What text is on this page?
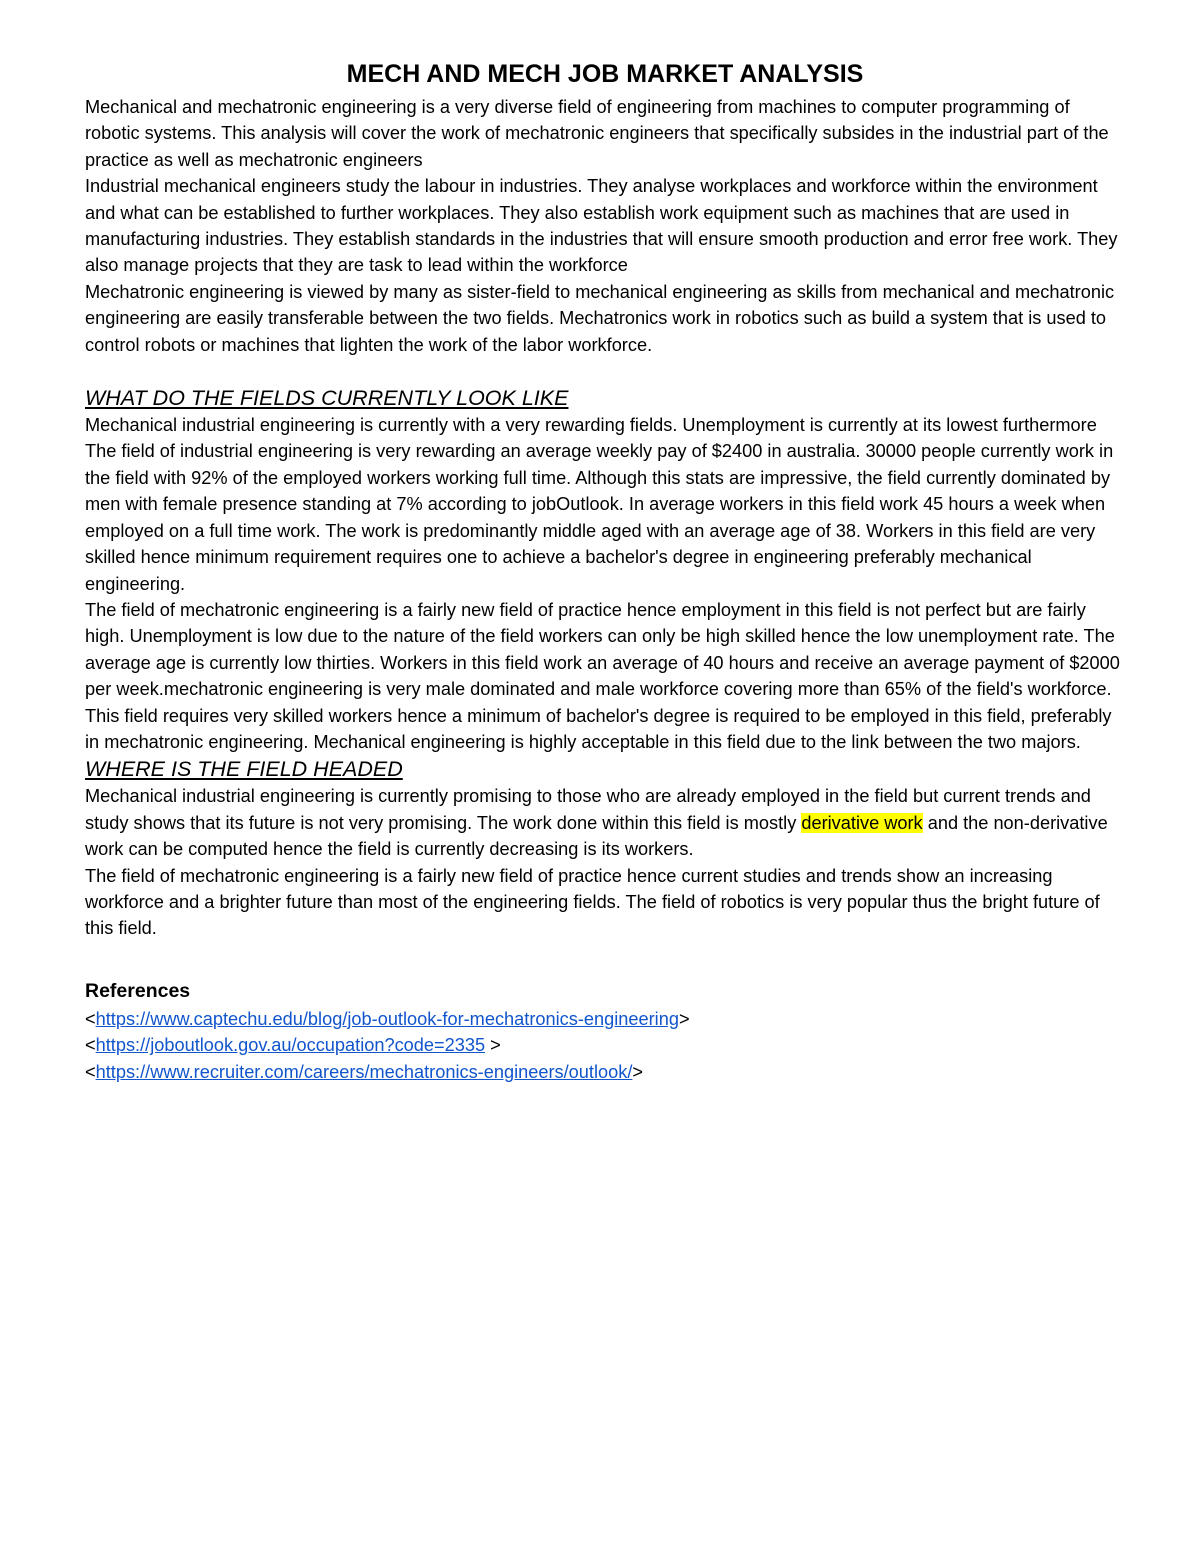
MECH AND MECH JOB MARKET ANALYSIS

Mechanical and mechatronic engineering is a very diverse field of engineering from machines to computer programming of robotic systems. This analysis will cover the work of mechatronic engineers that specifically subsides in the industrial part of the practice as well as mechatronic engineers

Industrial mechanical engineers study the labour in industries. They analyse workplaces and workforce within the environment and what can be established to further workplaces. They also establish work equipment such as machines that are used in manufacturing industries. They establish standards in the industries that will ensure smooth production and error free work. They also manage projects that they are task to lead within the workforce

Mechatronic engineering is viewed by many as sister-field to mechanical engineering as skills from mechanical and mechatronic engineering are easily transferable between the two fields. Mechatronics work in robotics such as build a system that is used to control robots or machines that lighten the work of the labor workforce.

WHAT DO THE FIELDS CURRENTLY LOOK LIKE

Mechanical industrial engineering is currently with a very rewarding fields. Unemployment is currently at its lowest furthermore The field of industrial engineering is very rewarding an average weekly pay of $2400 in australia. 30000 people currently work in the field with 92% of the employed workers working full time. Although this stats are impressive, the field currently dominated by men with female presence standing at 7% according to jobOutlook. In average workers in this field work 45 hours a week when employed on a full time work. The work is predominantly middle aged with an average age of 38. Workers in this field are very skilled hence minimum requirement requires one to achieve a bachelor's degree in engineering preferably mechanical engineering.

The field of mechatronic engineering is a fairly new field of practice hence employment in this field is not perfect but are fairly high. Unemployment is low due to the nature of the field workers can only be high skilled hence the low unemployment rate. The average age is currently low thirties. Workers in this field work an average of 40 hours and receive an average payment of $2000 per week.mechatronic engineering is very male dominated and male workforce covering more than 65% of the field's workforce. This field requires very skilled workers hence a minimum of bachelor's degree is required to be employed in this field, preferably in mechatronic engineering. Mechanical engineering is highly acceptable in this field due to the link between the two majors.

WHERE IS THE FIELD HEADED

Mechanical industrial engineering is currently promising to those who are already employed in the field but current trends and study shows that its future is not very promising. The work done within this field is mostly derivative work and the non-derivative work can be computed hence the field is currently decreasing is its workers.

The field of mechatronic engineering is a fairly new field of practice hence current studies and trends show an increasing workforce and a brighter future than most of the engineering fields. The field of robotics is very popular thus the bright future of this field.

References

<https://www.captechu.edu/blog/job-outlook-for-mechatronics-engineering>

<https://joboutlook.gov.au/occupation?code=2335 >

<https://www.recruiter.com/careers/mechatronics-engineers/outlook/>
